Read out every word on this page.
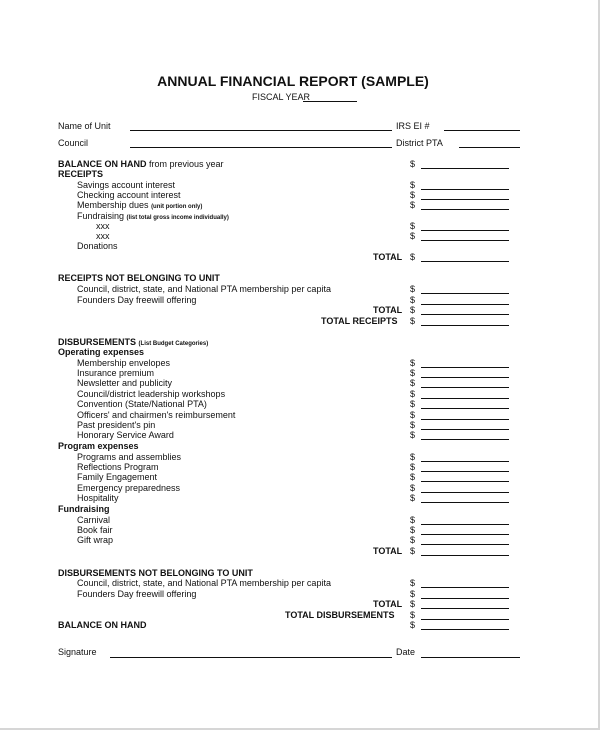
ANNUAL FINANCIAL REPORT (SAMPLE)
FISCAL YEAR
Name of Unit	IRS EI #
Council	District PTA
BALANCE ON HAND from previous year	$
RECEIPTS
Savings account interest	$
Checking account interest	$
Membership dues (unit portion only)	$
Fundraising (list total gross income individually)
xxx	$
xxx	$
Donations
TOTAL $
RECEIPTS NOT BELONGING TO UNIT
Council, district, state, and National PTA membership per capita	$
Founders Day freewill offering	$
TOTAL $
TOTAL RECEIPTS $
DISBURSEMENTS (List Budget Categories)
Operating expenses
Membership envelopes	$
Insurance premium	$
Newsletter and publicity	$
Council/district leadership workshops	$
Convention (State/National PTA)	$
Officers' and chairmen's reimbursement	$
Past president's pin	$
Honorary Service Award	$
Program expenses
Programs and assemblies	$
Reflections Program	$
Family Engagement	$
Emergency preparedness	$
Hospitality	$
Fundraising
Carnival	$
Book fair	$
Gift wrap	$
TOTAL $
DISBURSEMENTS NOT BELONGING TO UNIT
Council, district, state, and National PTA membership per capita	$
Founders Day freewill offering	$
TOTAL $
TOTAL DISBURSEMENTS $
BALANCE ON HAND	$
Signature	Date
